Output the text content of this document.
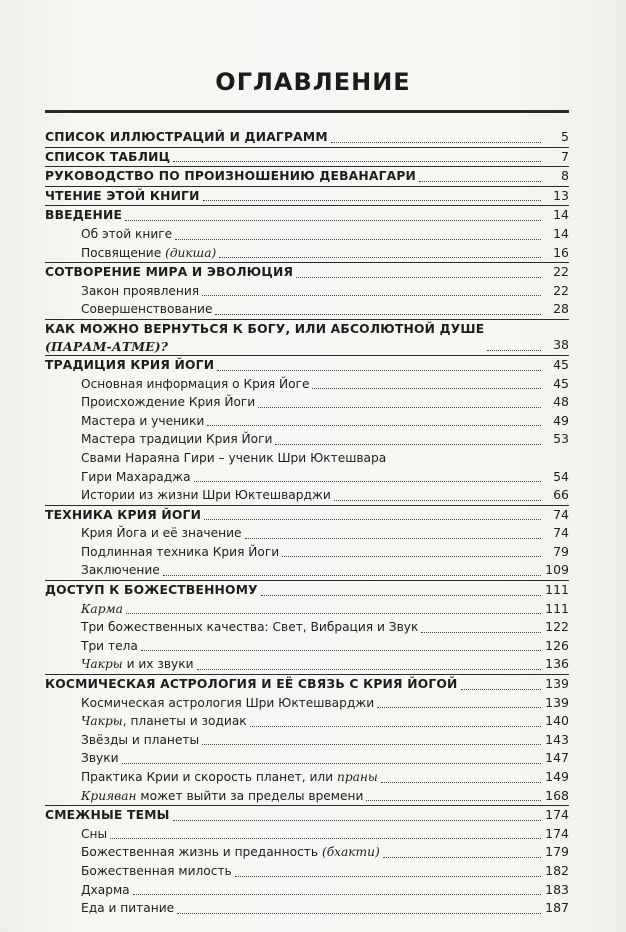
ОГЛАВЛЕНИЕ
СПИСОК ИЛЛЮСТРАЦИЙ И ДИАГРАММ	5
СПИСОК ТАБЛИЦ	7
РУКОВОДСТВО ПО ПРОИЗНОШЕНИЮ ДЕВАНАГАРИ	8
ЧТЕНИЕ ЭТОЙ КНИГИ	13
ВВЕДЕНИЕ	14
Об этой книге	14
Посвящение (дикша)	16
СОТВОРЕНИЕ МИРА И ЭВОЛЮЦИЯ	22
Закон проявления	22
Совершенствование	28
КАК МОЖНО ВЕРНУТЬСЯ К БОГУ, ИЛИ АБСОЛЮТНОЙ ДУШЕ
(ПАРАМ-АТМЕ)?	38
ТРАДИЦИЯ КРИЯ ЙОГИ	45
Основная информация о Крия Йоге	45
Происхождение Крия Йоги	48
Мастера и ученики	49
Мастера традиции Крия Йоги	53
Свами Нараяна Гири – ученик Шри Юктешвара
Гири Махараджа	54
Истории из жизни Шри Юктешварджи	66
ТЕХНИКА КРИЯ ЙОГИ	74
Крия Йога и её значение	74
Подлинная техника Крия Йоги	79
Заключение	109
ДОСТУП К БОЖЕСТВЕННОМУ	111
Карма	111
Три божественных качества: Свет, Вибрация и Звук	122
Три тела	126
Чакры и их звуки	136
КОСМИЧЕСКАЯ АСТРОЛОГИЯ И ЕЁ СВЯЗЬ С КРИЯ ЙОГОЙ	139
Космическая астрология Шри Юктешварджи	139
Чакры, планеты и зодиак	140
Звёзды и планеты	143
Звуки	147
Практика Крии и скорость планет, или праны	149
Крияван может выйти за пределы времени	168
СМЕЖНЫЕ ТЕМЫ	174
Сны	174
Божественная жизнь и преданность (бхакти)	179
Божественная милость	182
Дхарма	183
Еда и питание	187
